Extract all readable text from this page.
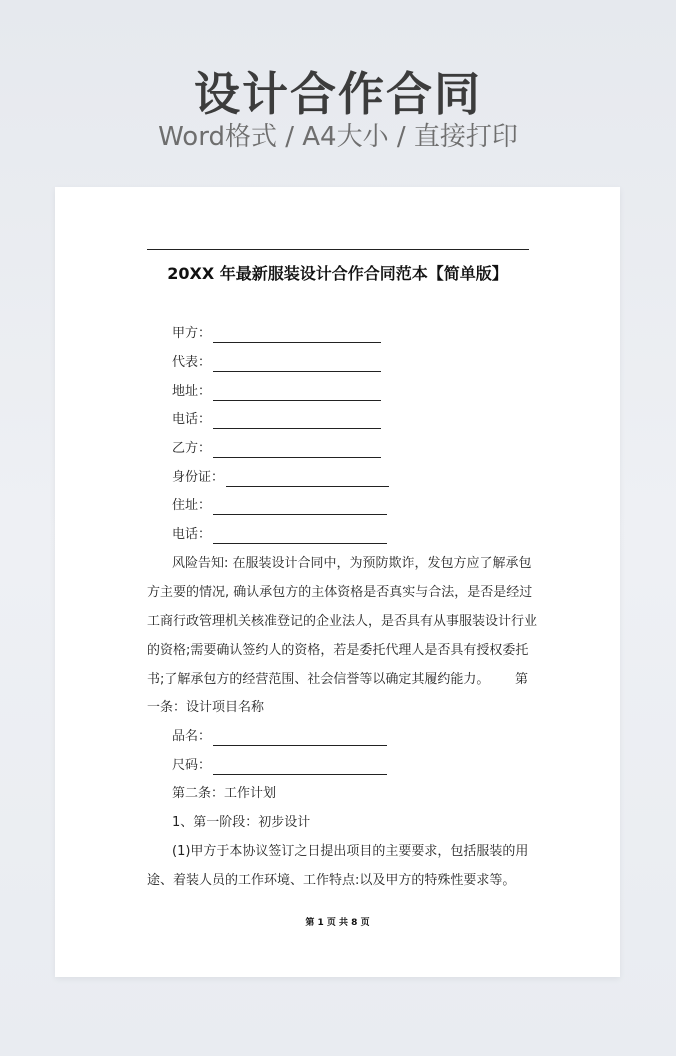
设计合作合同
Word格式 / A4大小 / 直接打印
20XX 年最新服装设计合作合同范本【简单版】
甲方：
代表：
地址：
电话：
乙方：
身份证：
住址：
电话：
风险告知: 在服装设计合同中，为预防欺诈，发包方应了解承包
方主要的情况, 确认承包方的主体资格是否真实与合法，是否是经过
工商行政管理机关核准登记的企业法人，是否具有从事服装设计行业
的资格;需要确认签约人的资格，若是委托代理人是否具有授权委托
书;了解承包方的经营范围、社会信誉等以确定其履约能力。 第
一条：设计项目名称
品名：
尺码：
第二条：工作计划
1、第一阶段：初步设计
(1)甲方于本协议签订之日提出项目的主要要求，包括服装的用
途、着装人员的工作环境、工作特点:以及甲方的特殊性要求等。
第 1 页 共 8 页
